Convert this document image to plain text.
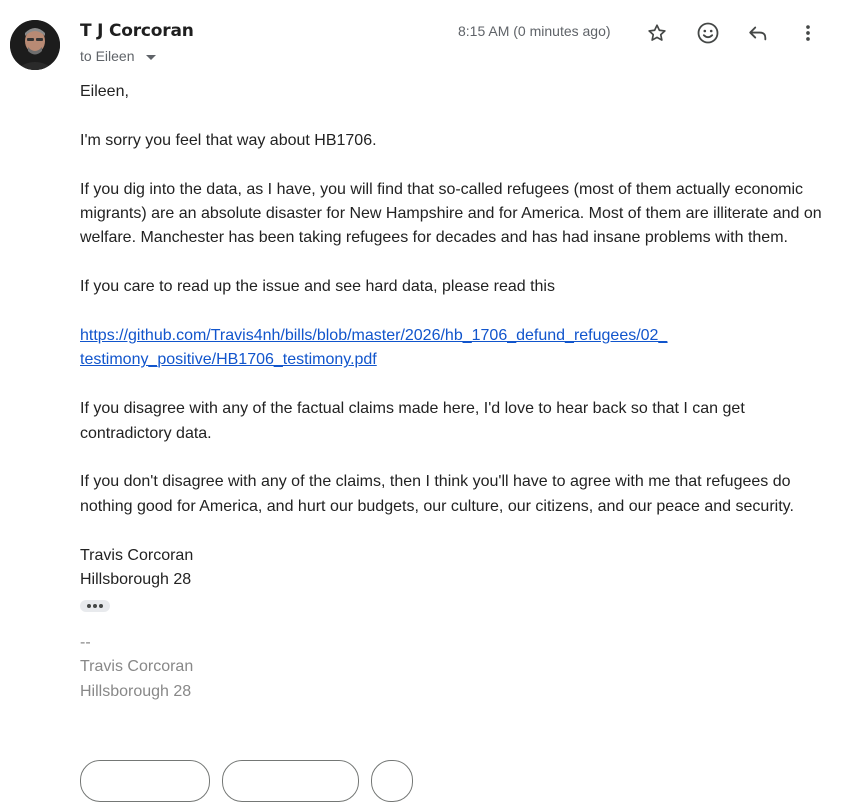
T J Corcoran
to Eileen
8:15 AM (0 minutes ago)

Eileen,

I'm sorry you feel that way about HB1706.

If you dig into the data, as I have, you will find that so-called refugees (most of them actually economic migrants) are an absolute disaster for New Hampshire and for America. Most of them are illiterate and on welfare. Manchester has been taking refugees for decades and has had insane problems with them.

If you care to read up the issue and see hard data, please read this

https://github.com/Travis4nh/bills/blob/master/2026/hb_1706_defund_refugees/02_
testimony_positive/HB1706_testimony.pdf

If you disagree with any of the factual claims made here, I'd love to hear back so that I can get contradictory data.

If you don't disagree with any of the claims, then I think you'll have to agree with me that refugees do nothing good for America, and hurt our budgets, our culture, our citizens, and our peace and security.

Travis Corcoran
Hillsborough 28
--
Travis Corcoran
Hillsborough 28
